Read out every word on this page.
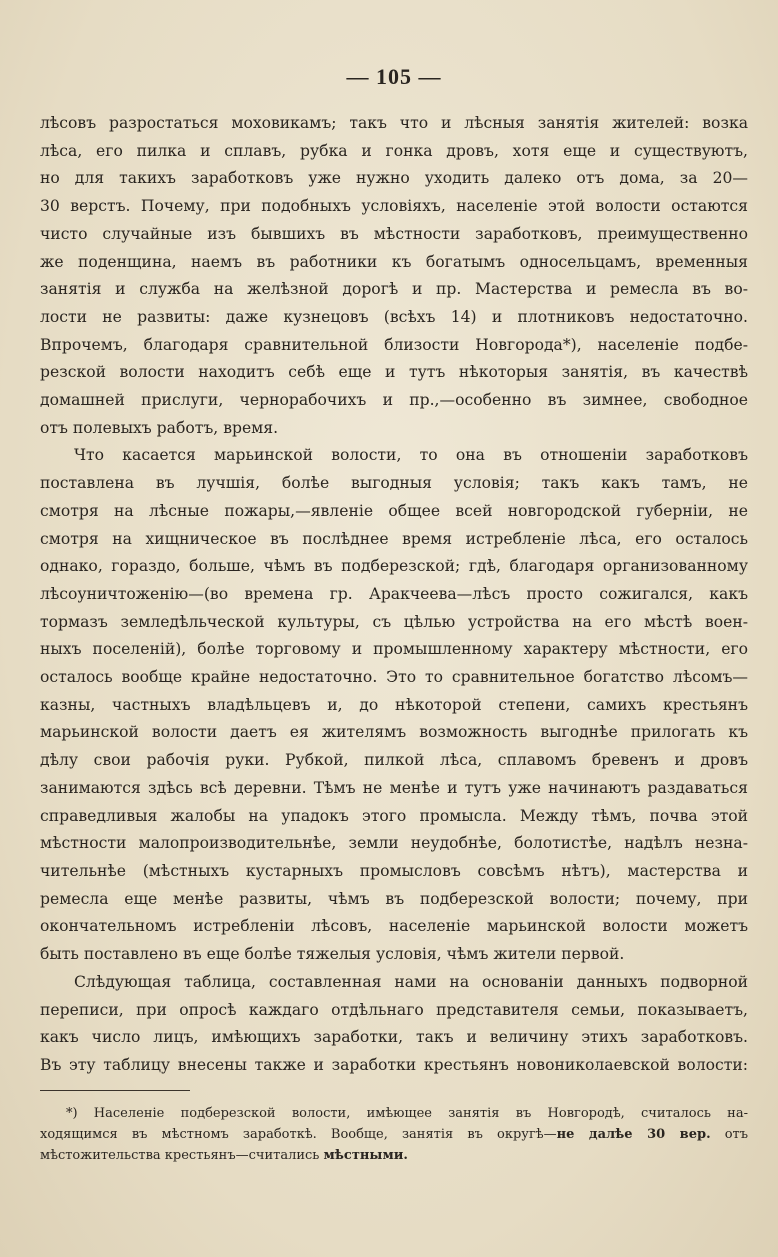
— 105 —
лѣсовъ разростаться моховикамъ; такъ что и лѣсныя занятія жителей: возка
лѣса, его пилка и сплавъ, рубка и гонка дровъ, хотя еще и существуютъ,
но для такихъ заработковъ уже нужно уходить далеко отъ дома, за 20—
30 верстъ. Почему, при подобныхъ условіяхъ, населеніе этой волости остаются
чисто случайные изъ бывшихъ въ мѣстности заработковъ, преимущественно
же поденщина, наемъ въ работники къ богатымъ односельцамъ, временныя
занятія и служба на желѣзной дорогѣ и пр. Мастерства и ремесла въ во-
лости не развиты: даже кузнецовъ (всѣхъ 14) и плотниковъ недостаточно.
Впрочемъ, благодаря сравнительной близости Новгорода*), населеніе подбе-
резской волости находитъ себѣ еще и тутъ нѣкоторыя занятія, въ качествѣ
домашней прислуги, чернорабочихъ и пр.,—особенно въ зимнее, свободное
отъ полевыхъ работъ, время.
Что касается марьинской волости, то она въ отношеніи заработковъ
поставлена въ лучшія, болѣе выгодныя условія; такъ какъ тамъ, не
смотря на лѣсные пожары,—явленіе общее всей новгородской губерніи, не
смотря на хищническое въ послѣднее время истребленіе лѣса, его осталось
однако, гораздо, больше, чѣмъ въ подберезской; гдѣ, благодаря организованному
лѣсоуничтоженію—(во времена гр. Аракчеева—лѣсъ просто сожигался, какъ
тормазъ земледѣльческой культуры, съ цѣлью устройства на его мѣстѣ воен-
ныхъ поселеній), болѣе торговому и промышленному характеру мѣстности, его
осталось вообще крайне недостаточно. Это то сравнительное богатство лѣсомъ—
казны, частныхъ владѣльцевъ и, до нѣкоторой степени, самихъ крестьянъ
марьинской волости даетъ ея жителямъ возможность выгоднѣе прилогать къ
дѣлу свои рабочія руки. Рубкой, пилкой лѣса, сплавомъ бревенъ и дровъ
занимаются здѣсь всѣ деревни. Тѣмъ не менѣе и тутъ уже начинаютъ раздаваться
справедливыя жалобы на упадокъ этого промысла. Между тѣмъ, почва этой
мѣстности малопроизводительнѣе, земли неудобнѣе, болотистѣе, надѣлъ незна-
чительнѣе (мѣстныхъ кустарныхъ промысловъ совсѣмъ нѣтъ), мастерства и
ремесла еще менѣе развиты, чѣмъ въ подберезской волости; почему, при
окончательномъ истребленіи лѣсовъ, населеніе марьинской волости можетъ
быть поставлено въ еще болѣе тяжелыя условія, чѣмъ жители первой.
Слѣдующая таблица, составленная нами на основаніи данныхъ подворной
переписи, при опросѣ каждаго отдѣльнаго представителя семьи, показываетъ,
какъ число лицъ, имѣющихъ заработки, такъ и величину этихъ заработковъ.
Въ эту таблицу внесены также и заработки крестьянъ новониколаевской волости:
*) Населеніе подберезской волости, имѣющее занятія въ Новгородѣ, считалось на-
ходящимся въ мѣстномъ заработкѣ. Вообще, занятія въ округѣ—не далѣе 30 вер. отъ
мѣстожительства крестьянъ—считались мѣстными.
